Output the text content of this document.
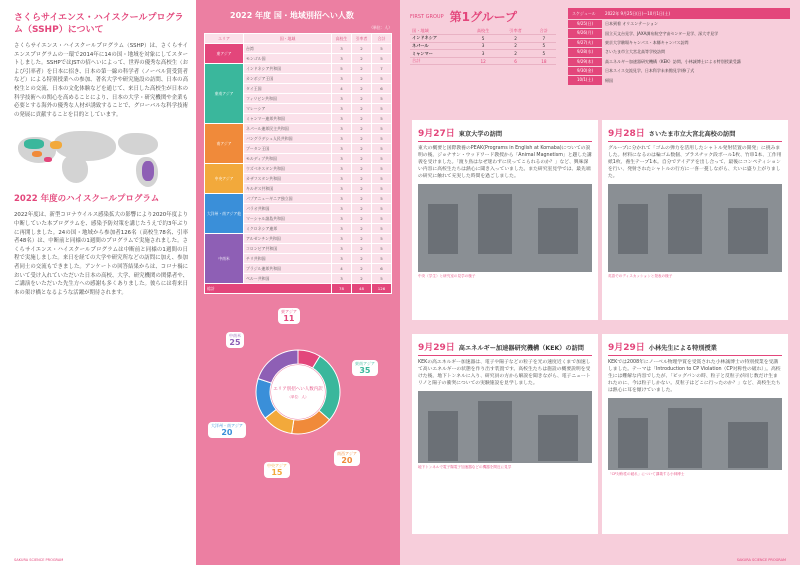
さくらサイエンス・ハイスクールプログラム（SSHP）について
さくらサイエンス・ハイスクールプログラム（SSHP）は、さくらサイエンスプログラムの一環で2014年に14の国・地域を対象にしてスタートしました。SSHPではJSTの招へいによって、世界の優秀な高校生（および引率者）を日本に招き、日本の第一線の科学者（ノーベル賞受賞者など）による特別授業への参加、著名大学や研究施設の訪問、日本の高校生との交流、日本の文化体験などを通じて、来日した高校生が日本の科学技術への関心を高めることにより、日本の大学・研究機関や企業も必要とする海外の優秀な人材が誘致することで、グローバルな科学技術の発展に貢献することを目的としています。
2022 年度のハイスクールプログラム
2022年度は、新型コロナウイルス感染拡大の影響により2020年度より中断していた本プログラムを、感染予防対策を講じたうえで約3年ぶりに再開しました。24の国・地域から参加者126名（高校生78名、引率者48名）は、中断前と同様の1週間のプログラムで実施されました。さくらサイエンス・ハイスクールプログラムは中断前と同様の1週間の日程で実施しました。来日を経ての大学や研究所などの訪問に加え、参加者同士の交流もできました。アンケートの回答結果からは、コロナ禍において受け入れていただいた日本の高校、大学、研究機関の関係者や、ご講演をいただいた先生方への感謝も多くありました。彼らには将来日本の架け橋となるような活躍が期待されます。
SAKURA SCIENCE PROGRAM
2022 年度 国・地域別招へい人数
（単位：人）
エリア	国・地域	高校生	引率者	合計
東アジア	台湾	3	2	5
	モンゴル国	3	2	5
東南アジア	インドネシア共和国	5	2	7
	カンボジア王国	3	2	5
	タイ王国	4	2	6
	フィリピン共和国	3	2	5
	マレーシア	3	2	5
	ミャンマー連邦共和国	3	2	5
南アジア	ネパール連邦民主共和国	3	2	5
	バングラデシュ人民共和国	3	2	5
	ブータン王国	3	2	5
	モルディブ共和国	3	2	5
中央アジア	ウズベキスタン共和国	3	2	5
	カザフスタン共和国	3	2	5
	キルギス共和国	3	2	5
大洋州・南アジア他	パプアニューギニア独立国	3	2	5
	パラオ共和国	3	2	5
	マーシャル諸島共和国	3	2	5
	ミクロネシア連邦	3	2	5
中南米	アルゼンチン共和国	3	2	5
	コロンビア共和国	3	2	5
	チリ共和国	3	2	5
	ブラジル連邦共和国	4	2	6
	ペルー共和国	3	2	5
総計		78	48	126
エリア別招へい人数内訳
（単位：人）
東アジア
11
東南アジア
35
南西アジア
20
中央アジア
15
大洋州・南アジア
20
中南米
25
FIRST GROUP 第1グループ
国・地域	高校生	引率者	合計
インドネシア	5	2	7
ネパール	3	2	5
ミャンマー	3	2	5
合計	12	6	18
スケジュール 2022年 9月25日(日)～10月1日(土)
9/25(日)	日本到着 オリエンテーション
9/26(月)	国立天文台見学、JAXA調布航空宇宙センター見学、深大寺見学
9/27(火)	東京大学駒場キャンパス・本郷キャンパス訪問
9/28(水)	さいたま市立大宮北高等学校訪問
9/29(木)	高エネルギー加速器研究機構（KEK）訪問、小林誠博士による特別授業受講
9/30(金)	日本スイス交流見学、日本科学未来館見学/修了式
10/1(土)	帰国
9月27日 東京大学の訪問
東大の概要と国際教養のPEAK(Programs in English at Komaba)についての説明の後、ジョナサン・ウッドワード教授から「Animal Magnetism」と題した講義を受けました。「渡り鳥はなぜ迷わずに戻ってこられるのか？」など、興味深い内容に高校生たちは熱心に聞き入っていました。また研究室見学では、最先端の研究に触れて充実した時間を過ごしました。
中央（学生）と研究室の見学の様子
9月28日 さいたま市立大宮北高校の訪問
グループに分かれて「ゴムの弾力を活用したシャトル発射装置の開発」に挑みました。材料になるのは輪ゴム数個、プラスチック段ボール1枚、竹串1本、工作用紙1枚、養生テープ1本。自分でアイデアを出し合って、最後にコンペティションを行い、発射されたシャトルの行方に一喜一憂しながら、大いに盛り上がりました。
英語でのディスカッションと発表の様子
9月29日 高エネルギー加速器研究機構（KEK）の訪問
KEKの高エネルギー加速器は、電子や陽子などの粒子を光の速度近くまで加速して高いエネルギーの状態を作り出す装置です。高校生たちは施設の概要説明を受けた後、地下トンネルに入り、研究員の方から解説を聞きながら、電子ニュートリノと陽子の衝突についての実験施設を見学しました。
地下トンネルで電子陽電子加速器などの機器を間近に見学
9月29日 小林先生による特別授業
KEKでは2008年にノーベル物理学賞を受賞された小林誠博士の特別授業を受講しました。テーマは「Introduction to CP Violation（CP対称性の破れ）」。高校生には難解な内容でしたが、「ビッグバンの時、粒子と反粒子が同じ数だけ生まれたのに、今は粒子しかない。反粒子はどこに行ったのか？」など、高校生たちは熱心に耳を傾けていました。
「CP対称性の破れ」について講義する小林博士
SAKURA SCIENCE PROGRAM
